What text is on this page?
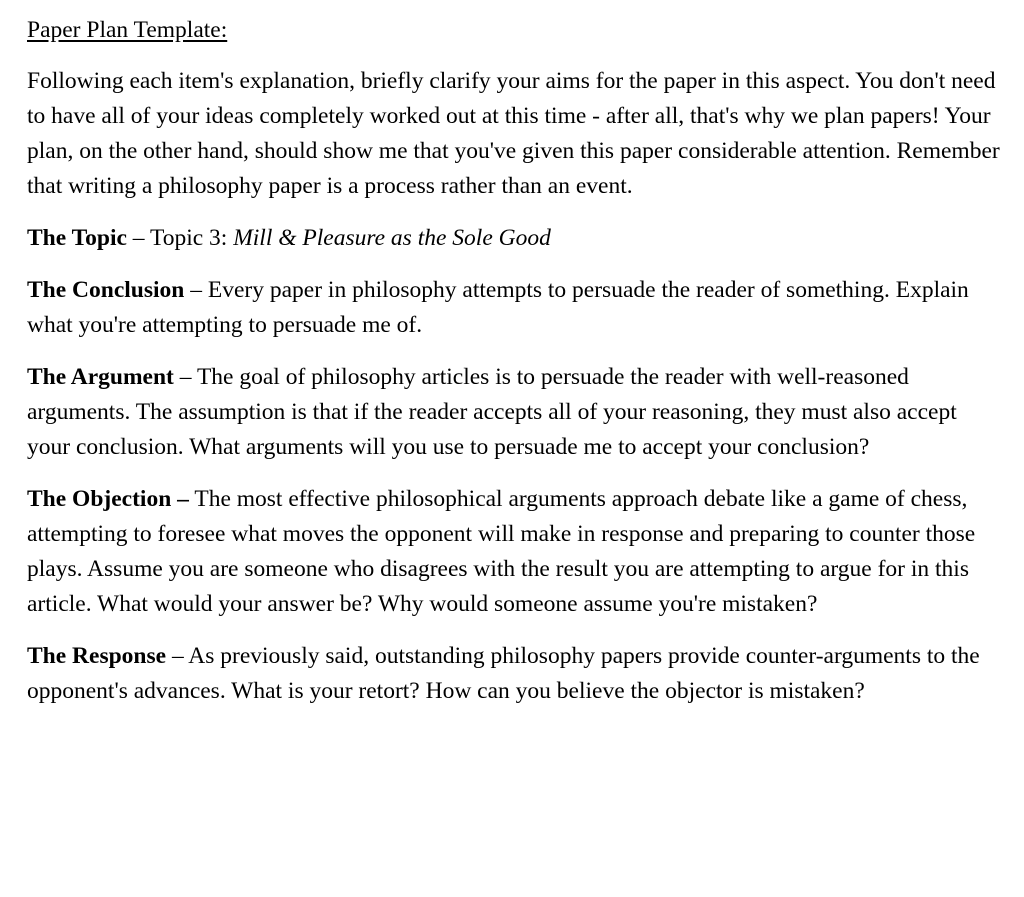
Paper Plan Template:

Following each item's explanation, briefly clarify your aims for the paper in this aspect. You don't need to have all of your ideas completely worked out at this time - after all, that's why we plan papers! Your plan, on the other hand, should show me that you've given this paper considerable attention. Remember that writing a philosophy paper is a process rather than an event.

The Topic – Topic 3: Mill & Pleasure as the Sole Good

The Conclusion – Every paper in philosophy attempts to persuade the reader of something. Explain what you're attempting to persuade me of.

The Argument – The goal of philosophy articles is to persuade the reader with well-reasoned arguments. The assumption is that if the reader accepts all of your reasoning, they must also accept your conclusion. What arguments will you use to persuade me to accept your conclusion?

The Objection – The most effective philosophical arguments approach debate like a game of chess, attempting to foresee what moves the opponent will make in response and preparing to counter those plays. Assume you are someone who disagrees with the result you are attempting to argue for in this article. What would your answer be? Why would someone assume you're mistaken?

The Response – As previously said, outstanding philosophy papers provide counter-arguments to the opponent's advances. What is your retort? How can you believe the objector is mistaken?
